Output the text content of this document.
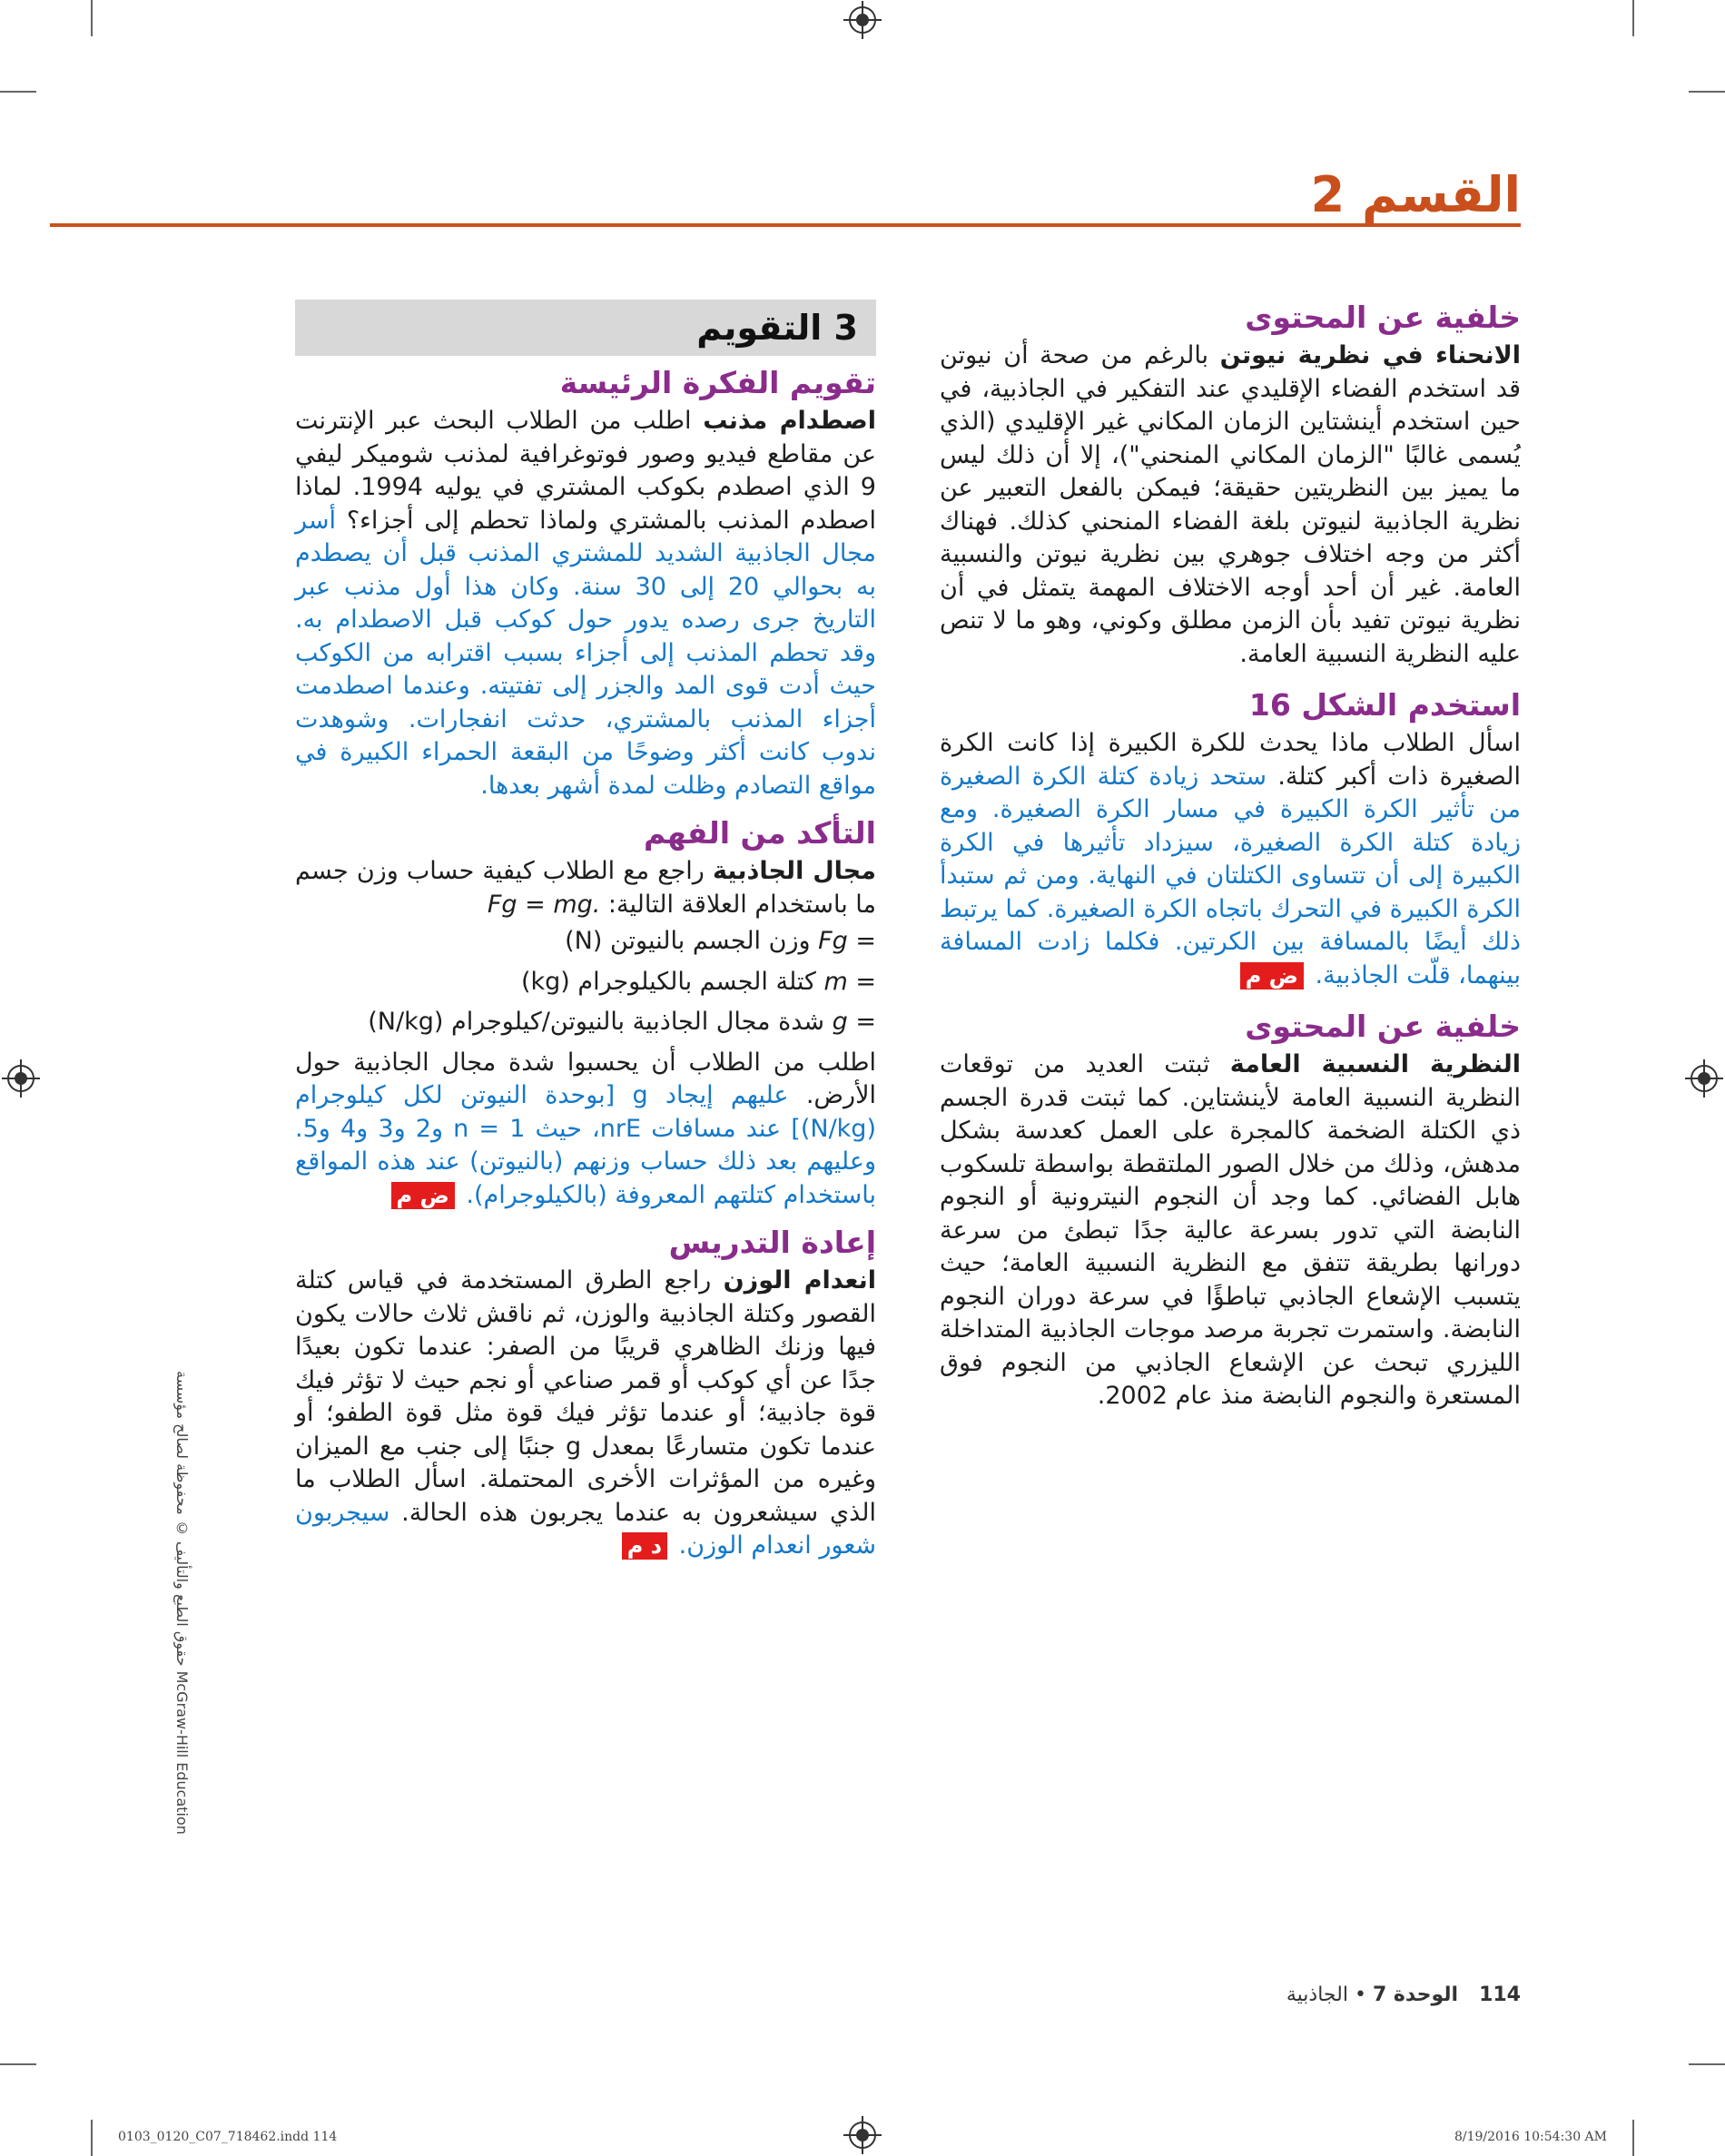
القسم 2
خلفية عن المحتوى

الانحناء في نظرية نيوتن بالرغم من صحة أن نيوتن قد استخدم الفضاء الإقليدي عند التفكير في الجاذبية، في حين استخدم أينشتاين الزمان المكاني غير الإقليدي (الذي يُسمى غالبًا "الزمان المكاني المنحني")، إلا أن ذلك ليس ما يميز بين النظريتين حقيقة؛ فيمكن بالفعل التعبير عن نظرية الجاذبية لنيوتن بلغة الفضاء المنحني كذلك. فهناك أكثر من وجه اختلاف جوهري بين نظرية نيوتن والنسبية العامة. غير أن أحد أوجه الاختلاف المهمة يتمثل في أن نظرية نيوتن تفيد بأن الزمن مطلق وكوني، وهو ما لا تنص عليه النظرية النسبية العامة.

استخدم الشكل 16

اسأل الطلاب ماذا يحدث للكرة الكبيرة إذا كانت الكرة الصغيرة ذات أكبر كتلة. ستحد زيادة كتلة الكرة الصغيرة من تأثير الكرة الكبيرة في مسار الكرة الصغيرة. ومع زيادة كتلة الكرة الصغيرة، سيزداد تأثيرها في الكرة الكبيرة إلى أن تتساوى الكتلتان في النهاية. ومن ثم ستبدأ الكرة الكبيرة في التحرك باتجاه الكرة الصغيرة. كما يرتبط ذلك أيضًا بالمسافة بين الكرتين. فكلما زادت المسافة بينهما، قلّت الجاذبية. ض م

خلفية عن المحتوى

النظرية النسبية العامة ثبتت العديد من توقعات النظرية النسبية العامة لأينشتاين. كما ثبتت قدرة الجسم ذي الكتلة الضخمة كالمجرة على العمل كعدسة بشكل مدهش، وذلك من خلال الصور الملتقطة بواسطة تلسكوب هابل الفضائي. كما وجد أن النجوم النيترونية أو النجوم النابضة التي تدور بسرعة عالية جدًا تبطئ من سرعة دورانها بطريقة تتفق مع النظرية النسبية العامة؛ حيث يتسبب الإشعاع الجاذبي تباطؤًا في سرعة دوران النجوم النابضة. واستمرت تجربة مرصد موجات الجاذبية المتداخلة الليزري تبحث عن الإشعاع الجاذبي من النجوم فوق المستعرة والنجوم النابضة منذ عام 2002.

3 التقويم
تقويم الفكرة الرئيسة

اصطدام مذنب اطلب من الطلاب البحث عبر الإنترنت عن مقاطع فيديو وصور فوتوغرافية لمذنب شوميكر ليفي 9 الذي اصطدم بكوكب المشتري في يوليه 1994. لماذا اصطدم المذنب بالمشتري ولماذا تحطم إلى أجزاء؟ أسر مجال الجاذبية الشديد للمشتري المذنب قبل أن يصطدم به بحوالي 20 إلى 30 سنة. وكان هذا أول مذنب عبر التاريخ جرى رصده يدور حول كوكب قبل الاصطدام به. وقد تحطم المذنب إلى أجزاء بسبب اقترابه من الكوكب حيث أدت قوى المد والجزر إلى تفتيته. وعندما اصطدمت أجزاء المذنب بالمشتري، حدثت انفجارات. وشوهدت ندوب كانت أكثر وضوحًا من البقعة الحمراء الكبيرة في مواقع التصادم وظلت لمدة أشهر بعدها.

التأكد من الفهم

مجال الجاذبية راجع مع الطلاب كيفية حساب وزن جسم ما باستخدام العلاقة التالية: Fg = mg.

Fg =

وزن الجسم بالنيوتن

(N)
m =

كتلة الجسم بالكيلوجرام

(kg)
g =

شدة مجال الجاذبية بالنيوتن/كيلوجرام

(N/kg)

اطلب من الطلاب أن يحسبوا شدة مجال الجاذبية حول الأرض. عليهم إيجاد g [بوحدة النيوتن لكل كيلوجرام (N/kg)] عند مسافات nrE، حيث n = 1 و2 و3 و4 و5. وعليهم بعد ذلك حساب وزنهم (بالنيوتن) عند هذه المواقع باستخدام كتلتهم المعروفة (بالكيلوجرام). ض م

إعادة التدريس

انعدام الوزن راجع الطرق المستخدمة في قياس كتلة القصور وكتلة الجاذبية والوزن، ثم ناقش ثلاث حالات يكون فيها وزنك الظاهري قريبًا من الصفر: عندما تكون بعيدًا جدًا عن أي كوكب أو قمر صناعي أو نجم حيث لا تؤثر فيك قوة جاذبية؛ أو عندما تؤثر فيك قوة مثل قوة الطفو؛ أو عندما تكون متسارعًا بمعدل g جنبًا إلى جنب مع الميزان وغيره من المؤثرات الأخرى المحتملة. اسأل الطلاب ما الذي سيشعرون به عندما يجربون هذه الحالة. سيجربون شعور انعدام الوزن. د م

حقوق الطبع والتأليف © محفوظة لصالح مؤسسة McGraw-Hill Education
114 الوحدة 7 • الجاذبية
0103_0120_C07_718462.indd 114	8/19/2016 10:54:30 AM
